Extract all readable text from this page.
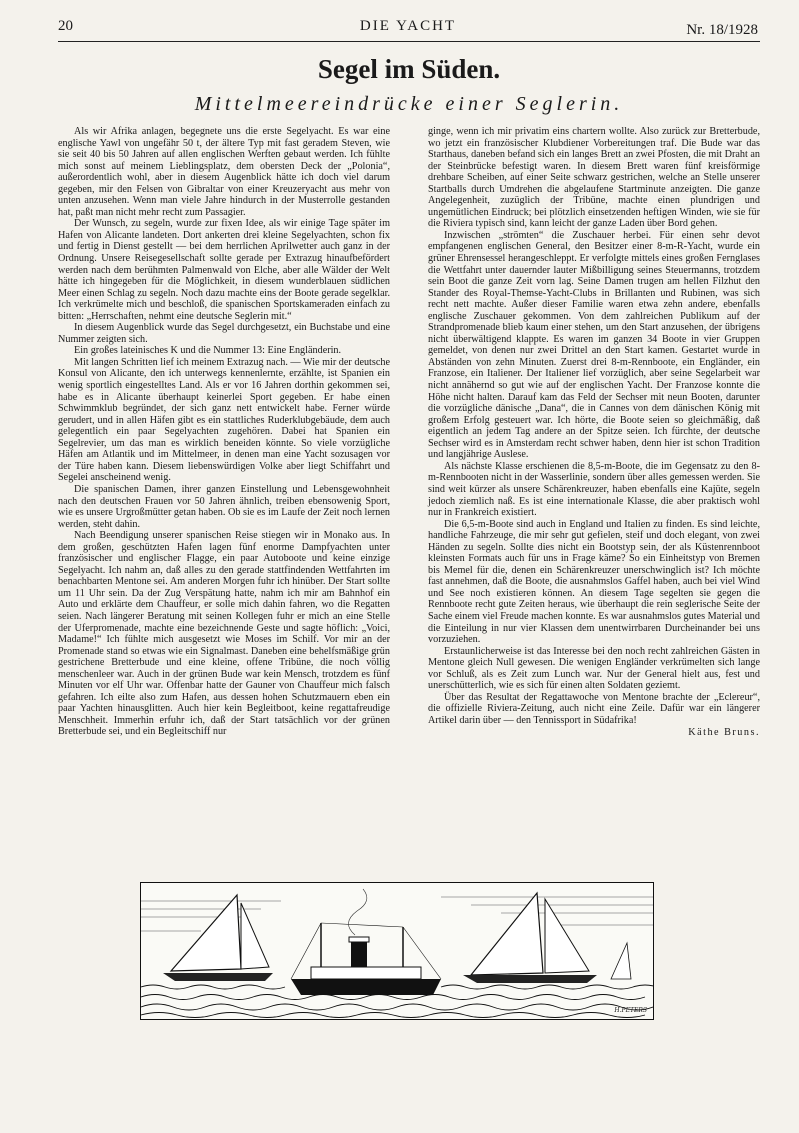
20	DIE YACHT	Nr. 18/1928
Segel im Süden.
Mittelmeereindrücke einer Seglerin.

Als wir Afrika anlagen, begegnete uns die erste Segelyacht. Es war eine englische Yawl von ungefähr 50 t, der ältere Typ mit fast geradem Steven, wie sie seit 40 bis 50 Jahren auf allen englischen Werften gebaut werden. Ich fühlte mich sonst auf meinem Lieblingsplatz, dem obersten Deck der „Polonia“, außerordentlich wohl, aber in diesem Augenblick hätte ich doch viel darum gegeben, mir den Felsen von Gibraltar von einer Kreuzeryacht aus mehr von unten anzusehen. Wenn man viele Jahre hindurch in der Musterrolle gestanden hat, paßt man nicht mehr recht zum Passagier.

Der Wunsch, zu segeln, wurde zur fixen Idee, als wir einige Tage später im Hafen von Alicante landeten. Dort ankerten drei kleine Segelyachten, schon fix und fertig in Dienst gestellt — bei dem herrlichen Aprilwetter auch ganz in der Ordnung. Unsere Reisegesellschaft sollte gerade per Extrazug hinaufbefördert werden nach dem berühmten Palmenwald von Elche, aber alle Wälder der Welt hätte ich hingegeben für die Möglichkeit, in diesem wunderblauen südlichen Meer einen Schlag zu segeln. Noch dazu machte eins der Boote gerade segelklar. Ich verkrümelte mich und beschloß, die spanischen Sportskameraden einfach zu bitten: „Herrschaften, nehmt eine deutsche Seglerin mit.“

In diesem Augenblick wurde das Segel durchgesetzt, ein Buchstabe und eine Nummer zeigten sich.

Ein großes lateinisches K und die Nummer 13: Eine Engländerin.

Mit langen Schritten lief ich meinem Extrazug nach. — Wie mir der deutsche Konsul von Alicante, den ich unterwegs kennenlernte, erzählte, ist Spanien ein wenig sportlich eingestelltes Land. Als er vor 16 Jahren dorthin gekommen sei, habe es in Alicante überhaupt keinerlei Sport gegeben. Er habe einen Schwimmklub begründet, der sich ganz nett entwickelt habe. Ferner würde gerudert, und in allen Häfen gibt es ein stattliches Ruderklubgebäude, dem auch gelegentlich ein paar Segelyachten zugehören. Dabei hat Spanien ein Segelrevier, um das man es wirklich beneiden könnte. So viele vorzügliche Häfen am Atlantik und im Mittelmeer, in denen man eine Yacht sozusagen vor der Türe haben kann. Diesem liebenswürdigen Volke aber liegt Schiffahrt und Segelei anscheinend wenig.

Die spanischen Damen, ihrer ganzen Einstellung und Lebensgewohnheit nach den deutschen Frauen vor 50 Jahren ähnlich, treiben ebensowenig Sport, wie es unsere Urgroßmütter getan haben. Ob sie es im Laufe der Zeit noch lernen werden, steht dahin.

Nach Beendigung unserer spanischen Reise stiegen wir in Monako aus. In dem großen, geschützten Hafen lagen fünf enorme Dampfyachten unter französischer und englischer Flagge, ein paar Autoboote und keine einzige Segelyacht. Ich nahm an, daß alles zu den gerade stattfindenden Wettfahrten im benachbarten Mentone sei. Am anderen Morgen fuhr ich hinüber. Der Start sollte um 11 Uhr sein. Da der Zug Verspätung hatte, nahm ich mir am Bahnhof ein Auto und erklärte dem Chauffeur, er solle mich dahin fahren, wo die Regatten seien. Nach längerer Beratung mit seinen Kollegen fuhr er mich an eine Stelle der Uferpromenade, machte eine bezeichnende Geste und sagte höflich: „Voici, Madame!“ Ich fühlte mich ausgesetzt wie Moses im Schilf. Vor mir an der Promenade stand so etwas wie ein Signalmast. Daneben eine behelfsmäßige grün gestrichene Bretterbude und eine kleine, offene Tribüne, die noch völlig menschenleer war. Auch in der grünen Bude war kein Mensch, trotzdem es fünf Minuten vor elf Uhr war. Offenbar hatte der Gauner von Chauffeur mich falsch gefahren. Ich eilte also zum Hafen, aus dessen hohen Schutzmauern eben ein paar Yachten hinausglitten. Auch hier kein Begleitboot, keine regattafreudige Menschheit. Immerhin erfuhr ich, daß der Start tatsächlich vor der grünen Bretterbude sei, und ein Begleitschiff nur

ginge, wenn ich mir privatim eins chartern wollte. Also zurück zur Bretterbude, wo jetzt ein französischer Klubdiener Vorbereitungen traf. Die Bude war das Starthaus, daneben befand sich ein langes Brett an zwei Pfosten, die mit Draht an der Steinbrücke befestigt waren. In diesem Brett waren fünf kreisförmige drehbare Scheiben, auf einer Seite schwarz gestrichen, welche an Stelle unserer Startballs durch Umdrehen die abgelaufene Startminute anzeigten. Die ganze Angelegenheit, zuzüglich der Tribüne, machte einen plundrigen und ungemütlichen Eindruck; bei plötzlich einsetzenden heftigen Winden, wie sie für die Riviera typisch sind, kann leicht der ganze Laden über Bord gehen.

Inzwischen „strömten“ die Zuschauer herbei. Für einen sehr devot empfangenen englischen General, den Besitzer einer 8-m-R-Yacht, wurde ein grüner Ehrensessel herangeschleppt. Er verfolgte mittels eines großen Fernglases die Wettfahrt unter dauernder lauter Mißbilligung seines Steuermanns, trotzdem sein Boot die ganze Zeit vorn lag. Seine Damen trugen am hellen Filzhut den Stander des Royal-Themse-Yacht-Clubs in Brillanten und Rubinen, was sich recht nett machte. Außer dieser Familie waren etwa zehn andere, ebenfalls englische Zuschauer gekommen. Von dem zahlreichen Publikum auf der Strandpromenade blieb kaum einer stehen, um den Start anzusehen, der übrigens nicht überwältigend klappte. Es waren im ganzen 34 Boote in vier Gruppen gemeldet, von denen nur zwei Drittel an den Start kamen. Gestartet wurde in Abständen von zehn Minuten. Zuerst drei 8-m-Rennboote, ein Engländer, ein Franzose, ein Italiener. Der Italiener lief vorzüglich, aber seine Segelarbeit war nicht annähernd so gut wie auf der englischen Yacht. Der Franzose konnte die Höhe nicht halten. Darauf kam das Feld der Sechser mit neun Booten, darunter die vorzügliche dänische „Dana“, die in Cannes von dem dänischen König mit großem Erfolg gesteuert war. Ich hörte, die Boote seien so gleichmäßig, daß eigentlich an jedem Tag andere an der Spitze seien. Ich fürchte, der deutsche Sechser wird es in Amsterdam recht schwer haben, denn hier ist schon Tradition und langjährige Auslese.

Als nächste Klasse erschienen die 8,5-m-Boote, die im Gegensatz zu den 8-m-Rennbooten nicht in der Wasserlinie, sondern über alles gemessen werden. Sie sind weit kürzer als unsere Schärenkreuzer, haben ebenfalls eine Kajüte, segeln jedoch ziemlich naß. Es ist eine internationale Klasse, die aber praktisch wohl nur in Frankreich existiert.

Die 6,5-m-Boote sind auch in England und Italien zu finden. Es sind leichte, handliche Fahrzeuge, die mir sehr gut gefielen, steif und doch elegant, von zwei Händen zu segeln. Sollte dies nicht ein Bootstyp sein, der als Küstenrennboot kleinsten Formats auch für uns in Frage käme? So ein Einheitstyp von Bremen bis Memel für die, denen ein Schärenkreuzer unerschwinglich ist? Ich möchte fast annehmen, daß die Boote, die ausnahmslos Gaffel haben, auch bei viel Wind und See noch existieren können. An diesem Tage segelten sie gegen die Rennboote recht gute Zeiten heraus, wie überhaupt die rein seglerische Seite der Sache einem viel Freude machen konnte. Es war ausnahmslos gutes Material und die Einteilung in nur vier Klassen dem unentwirrbaren Durcheinander bei uns vorzuziehen.

Erstaunlicherweise ist das Interesse bei den noch recht zahlreichen Gästen in Mentone gleich Null gewesen. Die wenigen Engländer verkrümelten sich lange vor Schluß, als es Zeit zum Lunch war. Nur der General hielt aus, fest und unerschütterlich, wie es sich für einen alten Soldaten geziemt.

Über das Resultat der Regattawoche von Mentone brachte der „Eclereur“, die offizielle Riviera-Zeitung, auch nicht eine Zeile. Dafür war ein längerer Artikel darin über — den Tennissport in Südafrika!

Käthe Bruns.
H.PETERS
